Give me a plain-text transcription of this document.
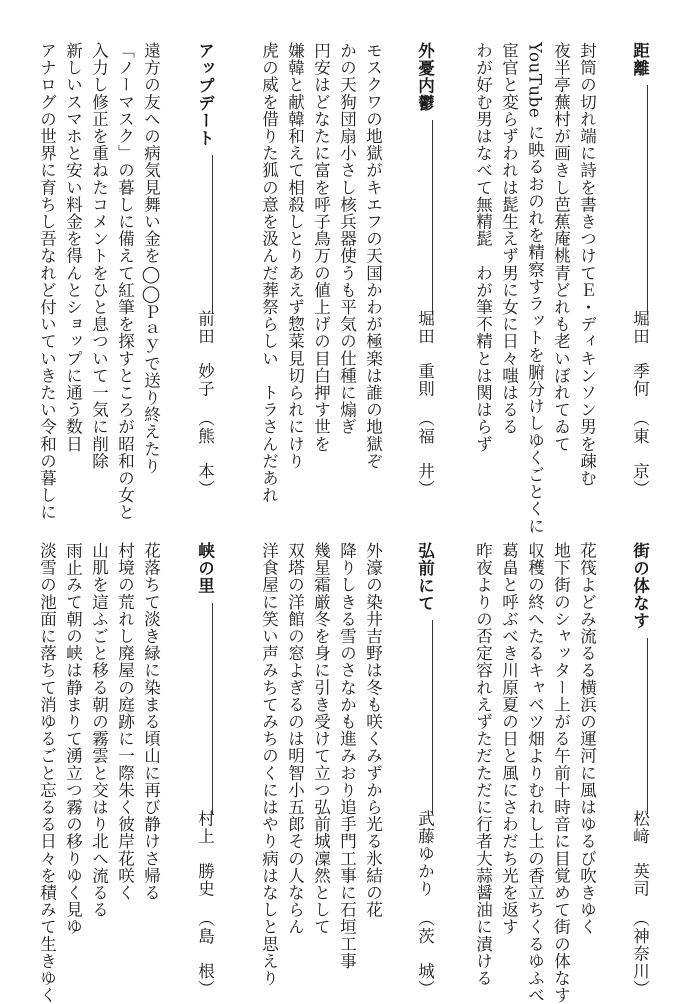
距離
堀田　季何（東　京）
封筒の切れ端に詩を書きつけてＥ・ディキンソン男を疎む
夜半亭蕪村が画きし芭蕉庵桃青どれも老いぼれてゐて
YouTube に映るおのれを精察すラットを腑分けしゆくごとくに
宦官と変らずわれは髭生えず男に女に日々嗤はるる
わが好む男はなべて無精髭　わが筆不精とは関はらず
外憂内鬱
堀田　重則（福　井）
モスクワの地獄がキエフの天国かわが極楽は誰の地獄ぞ
かの天狗団扇小さし核兵器使うも平気の仕種に煽ぎ
円安はどなたに富を呼子鳥万の値上げの目白押す世を
嫌韓と献韓和えて相殺しとりあえず惣菜見切られにけり
虎の威を借りた狐の意を汲んだ葬祭らしい　トラさんだあれ
アップデート
前田　妙子（熊　本）
遠方の友への病気見舞い金を◯◯Ｐａｙで送り終えたり
「ノーマスク」の暮しに備えて紅筆を探すところが昭和の女と
入力し修正を重ねたコメントをひと息ついて一気に削除
新しいスマホと安い料金を得んとショップに通う数日
アナログの世界に育ちし吾なれど付いていきたい令和の暮しに
街の体なす
松﨑　英司（神奈川）
花筏よどみ流るる横浜の運河に風はゆるび吹きゆく
地下街のシャッター上がる午前十時音に目覚めて街の体なす
収穫の終へたるキャベツ畑よりむれし土の香立ちくるゆふべ
葛畠と呼ぶべき川原夏の日と風にさわだち光を返す
昨夜よりの否定容れえずただただに行者大蒜醤油に漬ける
弘前にて
武藤ゆかり（茨　城）
外濠の染井吉野は冬も咲くみずから光る氷結の花
降りしきる雪のさなかも進みおり追手門工事に石垣工事
幾星霜厳冬を身に引き受けて立つ弘前城凜然として
双塔の洋館の窓よぎるのは明智小五郎その人ならん
洋食屋に笑い声みちてみちのくにはやり病はなしと思えり
峡の里
村上　勝史（島　根）
花落ちて淡き緑に染まる頃山に再び静けさ帰る
村境の荒れし廃屋の庭跡に一際朱く彼岸花咲く
山肌を這ふごと移る朝の霧雲と交はり北へ流るる
雨止みて朝の峡は静まりて湧立つ霧の移りゆく見ゆ
淡雪の池面に落ちて消ゆるごと忘るる日々を積みて生きゆく
